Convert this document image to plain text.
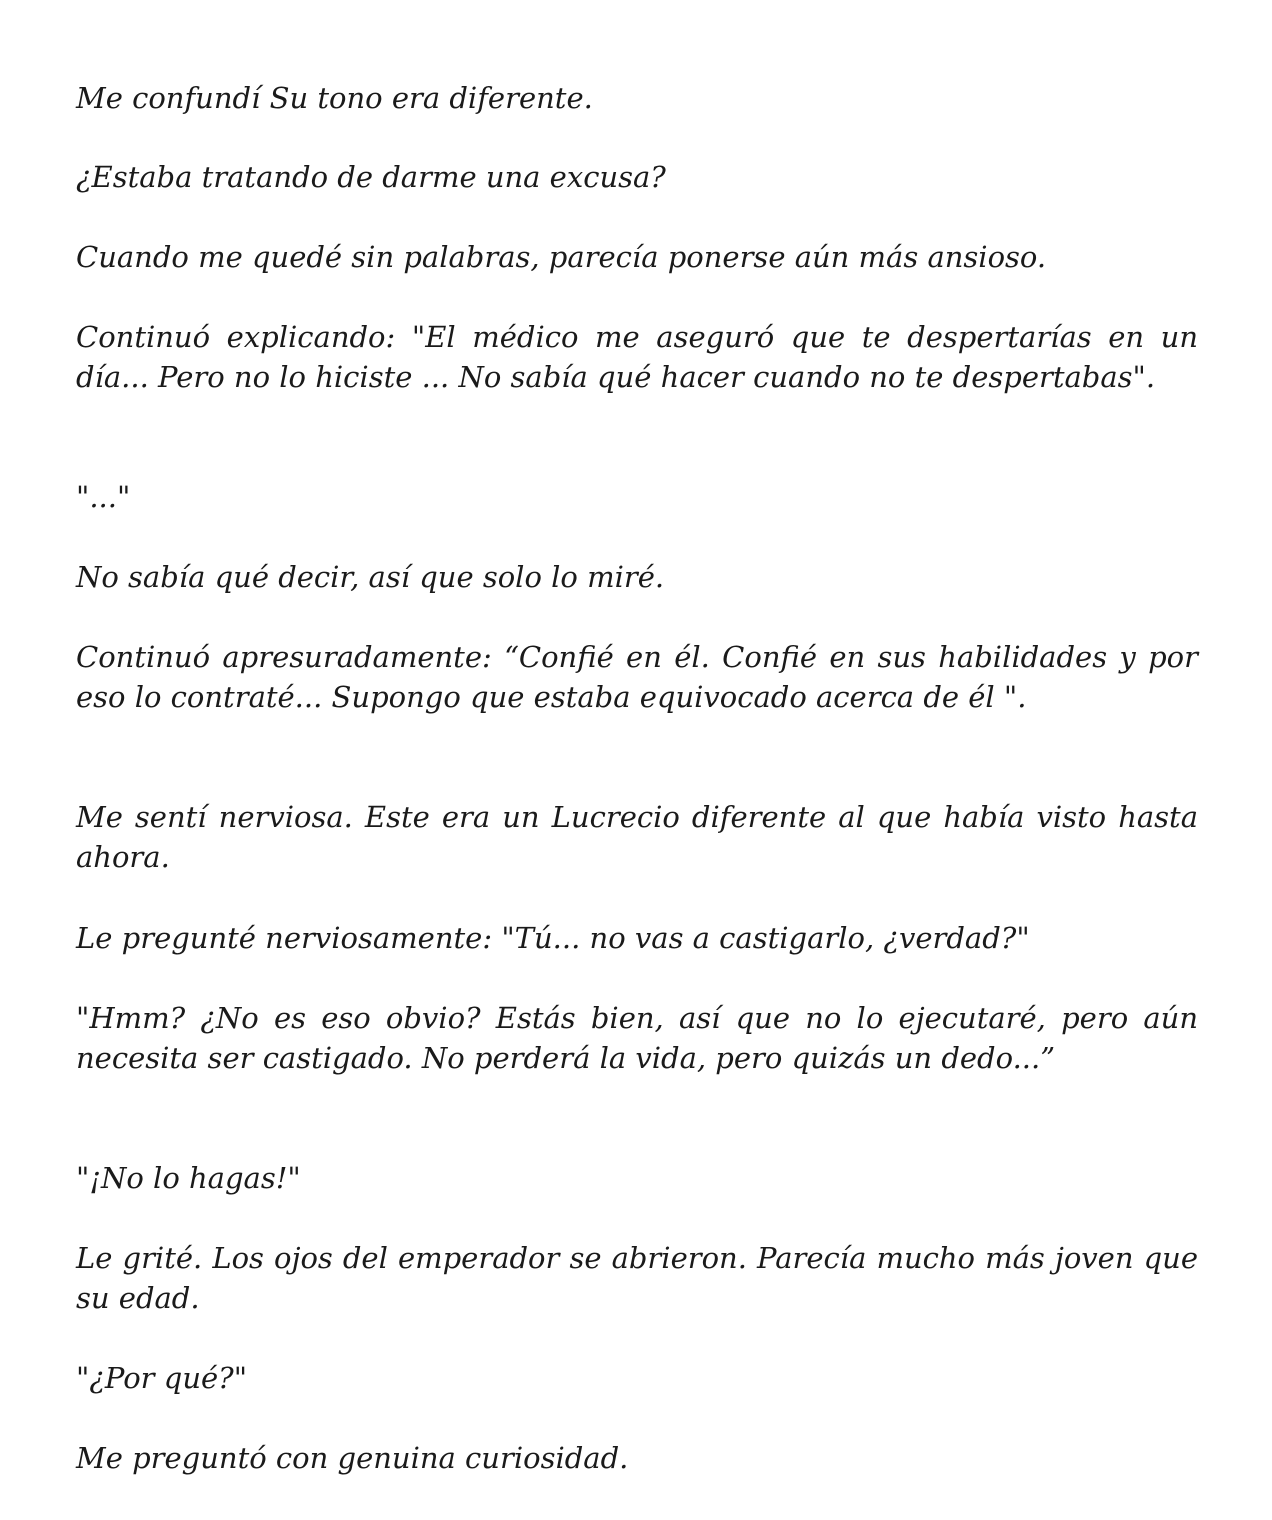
Me confundí Su tono era diferente.

¿Estaba tratando de darme una excusa?

Cuando me quedé sin palabras, parecía ponerse aún más ansioso.

Continuó explicando: "El médico me aseguró que te despertarías en un día... Pero no lo hiciste ... No sabía qué hacer cuando no te despertabas".

"..."

No sabía qué decir, así que solo lo miré.

Continuó apresuradamente: “Confié en él. Confié en sus habilidades y por eso lo contraté... Supongo que estaba equivocado acerca de él ".

Me sentí nerviosa. Este era un Lucrecio diferente al que había visto hasta ahora.

Le pregunté nerviosamente: "Tú... no vas a castigarlo, ¿verdad?"

"Hmm? ¿No es eso obvio? Estás bien, así que no lo ejecutaré, pero aún necesita ser castigado. No perderá la vida, pero quizás un dedo...”

"¡No lo hagas!"

Le grité. Los ojos del emperador se abrieron. Parecía mucho más joven que su edad.

"¿Por qué?"

Me preguntó con genuina curiosidad.
